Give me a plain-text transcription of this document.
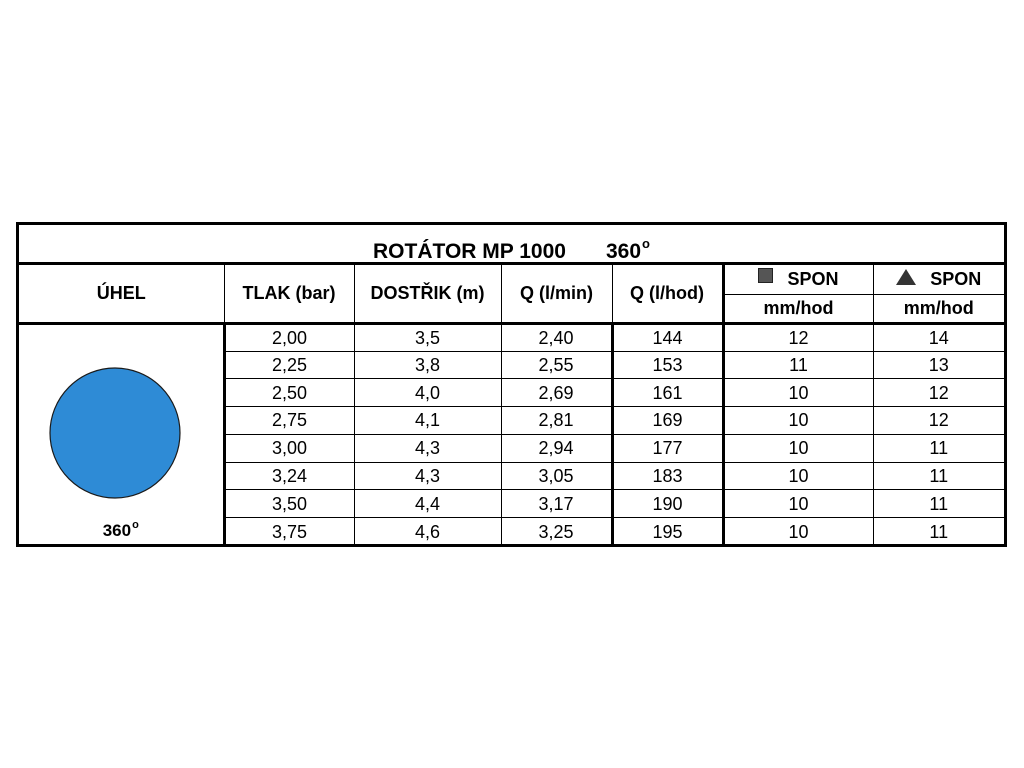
ROTÁTOR MP 1000 360$^o$
ÚHEL	TLAK (bar)	DOSTŘIK (m)	Q (l/min)	Q (l/hod)	SPON	SPON
					mm/hod	mm/hod

360$^o$	2,00	3,5	2,40	144	12	14
	2,25	3,8	2,55	153	11	13
	2,50	4,0	2,69	161	10	12
	2,75	4,1	2,81	169	10	12
	3,00	4,3	2,94	177	10	11
	3,24	4,3	3,05	183	10	11
	3,50	4,4	3,17	190	10	11
	3,75	4,6	3,25	195	10	11
